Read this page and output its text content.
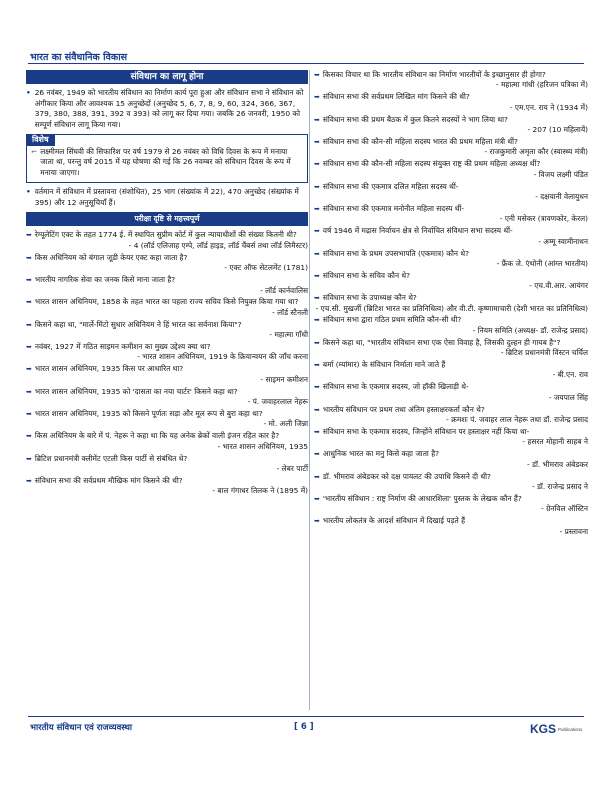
भारत का संवैधानिक विकास
संविधान का लागू होना
• 26 नवंबर, 1949 को भारतीय संविधान का निर्माण कार्य पूरा हुआ और संविधान सभा ने संविधान को अंगीकार किया और आवश्यक 15 अनुच्छेदों (अनुच्छेद 5, 6, 7, 8, 9, 60, 324, 366, 367, 379, 380, 388, 391, 392 व 393) को लागू कर दिया गया। जबकि 26 जनवरी, 1950 को सम्पूर्ण संविधान लागू किया गया।
विशेष
⌐ लक्ष्मीमल सिंघवी की सिफारिश पर वर्ष 1979 से 26 नवंबर को विधि दिवस के रूप में मनाया जाता था, परन्तु वर्ष 2015 में यह घोषणा की गई कि 26 नवम्बर को संविधान दिवस के रूप में मनाया जाएगा।
• वर्तमान में संविधान में प्रस्तावना (संशोधित), 25 भाग (संख्यांक में 22), 470 अनुच्छेद (संख्यांक में 395) और 12 अनुसूचियाँ हैं।
परीक्षा दृष्टि से महत्त्वपूर्ण
➥ रेग्यूलेटिंग एक्ट के तहत 1774 ई. में स्थापित सुप्रीम कोर्ट में कुल न्यायाधीशों की संख्या कितनी थी?
- 4 (लॉर्ड एलिजाह एम्पे, लॉर्ड हाइड, लॉर्ड चैंबर्स तथा लॉर्ड लिमैस्टर)
➥ किस अधिनियम को बंगाल जूडी केयर एक्ट कहा जाता है?
- एक्ट ऑफ सेटलमेंट (1781)
➥ भारतीय नागरिक सेवा का जनक किसे माना जाता है?
- लॉर्ड कार्नवालिस
➥ भारत शासन अधिनियम, 1858 के तहत भारत का पहला राज्य सचिव किसे नियुक्त किया गया था?
- लॉर्ड स्टैनली
➥ किसने कहा था, "मार्ले-मिंटो सुधार अधिनियम ने हिं भारत का सर्वनाश किया"?
- महात्मा गाँधी
➥ नवंबर, 1927 में गठित साइमन कमीशन का मुख्य उद्देश्य क्या था?
- भारत शासन अधिनियम, 1919 के क्रियान्वयन की जाँच करना
➥ भारत शासन अधिनियम, 1935 किस पर आधारित था?
- साइमन कमीशन
➥ भारत शासन अधिनियम, 1935 को 'दासता का नया चार्टर' किसने कहा था?
- पं. जवाहरलाल नेहरू
➥ भारत शासन अधिनियम, 1935 को किसने पूर्णतः सड़ा और मूल रूप से बुरा कहा था?
- मो. अली जिन्ना
➥ किस अधिनियम के बारे में पं. नेहरू ने कहा था कि यह अनेक ब्रेकों वाली इंजन रहित कार है?
- भारत शासन अधिनियम, 1935
➥ ब्रिटिश प्रधानमंत्री क्लीमेंट एटली किस पार्टी से संबंधित थे?
- लेबर पार्टी
➥ संविधान सभा की सर्वप्रथम मौखिक मांग किसने की थी?
- बाल गंगाधर तिलक ने (1895 में)
➥ किसका विचार था कि भारतीय संविधान का निर्माण भारतीयों के इच्छानुसार ही होगा?
- महात्मा गांधी (हरिजन पत्रिका में)
➥ संविधान सभा की सर्वप्रथम लिखित मांग किसने की थी?
- एम.एन. राय ने (1934 में)
➥ संविधान सभा की प्रथम बैठक में कुल कितने सदस्यों ने भाग लिया था?
- 207 (10 महिलायें)
➥ संविधान सभा की कौन-सी महिला सदस्य भारत की प्रथम महिला मंत्री थीं?
- राजकुमारी अमृता कौर (स्वास्थ्य मंत्री)
➥ संविधान सभा की कौन-सी महिला सदस्य संयुक्त राष्ट्र की प्रथम महिला अध्यक्ष थीं?
- विजय लक्ष्मी पंडित
➥ संविधान सभा की एकमात्र दलित महिला सदस्य थीं-
- दक्षयानी वेलायुधन
➥ संविधान सभा की एकमात्र मनोनीत महिला सदस्य थीं-
- एनी मसेकर (त्रावणकोर, केरल)
➥ वर्ष 1946 में मद्रास निर्वाचन क्षेत्र से निर्वाचित संविधान सभा सदस्य थीं-
- अम्मू स्वामीनाथन
➥ संविधान सभा के प्रथम उपसभापति (एकमात्र) कौन थे?
- फ्रैंक जे. एंथोनी (आंग्ल भारतीय)
➥ संविधान सभा के सचिव कौन थे?
- एच.वी.आर. आयंगर
➥ संविधान सभा के उपाध्यक्ष कौन थे?
- एच.सी. मुखर्जी (ब्रिटिश भारत का प्रतिनिधित्व) और वी.टी. कृष्णामाचारी (देशी भारत का प्रतिनिधित्व)
➥ संविधान सभा द्वारा गठित प्रथम समिति कौन-सी थी?
- नियम समिति (अध्यक्ष- डॉ. राजेन्द्र प्रसाद)
➥ किसने कहा था, "भारतीय संविधान सभा एक ऐसा विवाह है, जिसकी दुल्हन ही गायब है"?
- ब्रिटिश प्रधानमंत्री विंस्टन चर्चिल
➥ बर्मा (म्यांमार) के संविधान निर्माता माने जाते हैं
- बी.एन. राव
➥ संविधान सभा के एकमात्र सदस्य, जो हॉकी खिलाड़ी थे-
- जयपाल सिंह
➥ भारतीय संविधान पर प्रथम तथा अंतिम हस्ताक्षरकर्ता कौन थे?
- क्रमशः पं. जवाहर लाल नेहरू तथा डॉ. राजेन्द्र प्रसाद
➥ संविधान सभा के एकमात्र सदस्य, जिन्होंने संविधान पर हस्ताक्षर नहीं किया था-
- हसरत मोहानी साहब ने
➥ आधुनिक भारत का मनु किसे कहा जाता है?
- डॉ. भीमराव अंबेडकर
➥ डॉ. भीमराव अंबेडकर को दक्ष पायलट की उपाधि किसने दी थी?
- डॉ. राजेन्द्र प्रसाद ने
➥ 'भारतीय संविधान : राष्ट्र निर्माण की आधारशिला' पुस्तक के लेखक कौन हैं?
- ग्रेनविल ऑस्टिन
➥ भारतीय लोकतंत्र के आदर्श संविधान में दिखाई पड़ते हैं
- प्रस्तावना
भारतीय संविधान एवं राजव्यवस्था	[ 6 ]	KGS Publications
